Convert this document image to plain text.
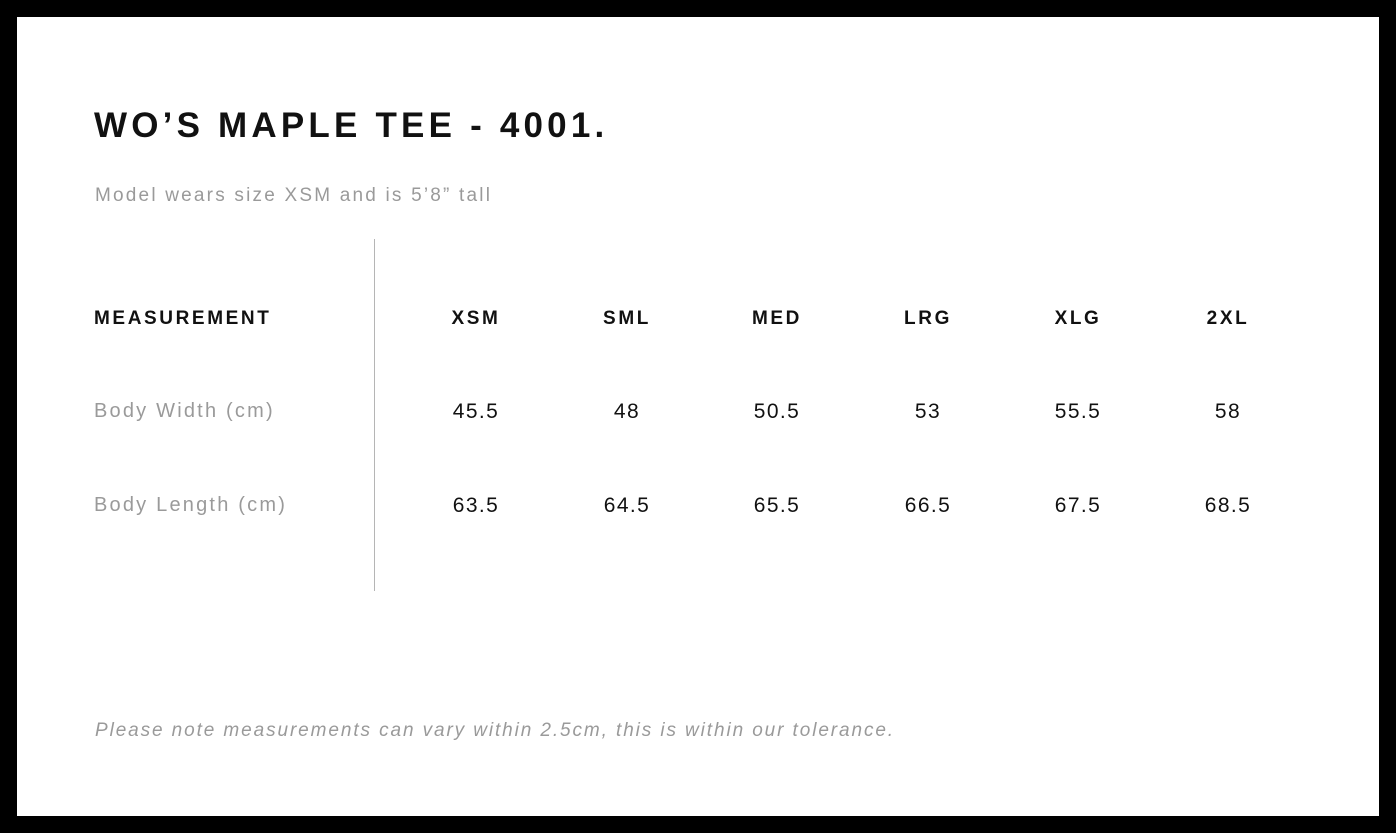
WO’S MAPLE TEE - 4001.
Model wears size XSM and is 5’8” tall
MEASUREMENT	XSM	SML	MED	LRG	XLG	2XL
Body Width (cm)	45.5	48	50.5	53	55.5	58
Body Length (cm)	63.5	64.5	65.5	66.5	67.5	68.5
Please note measurements can vary within 2.5cm, this is within our tolerance.
